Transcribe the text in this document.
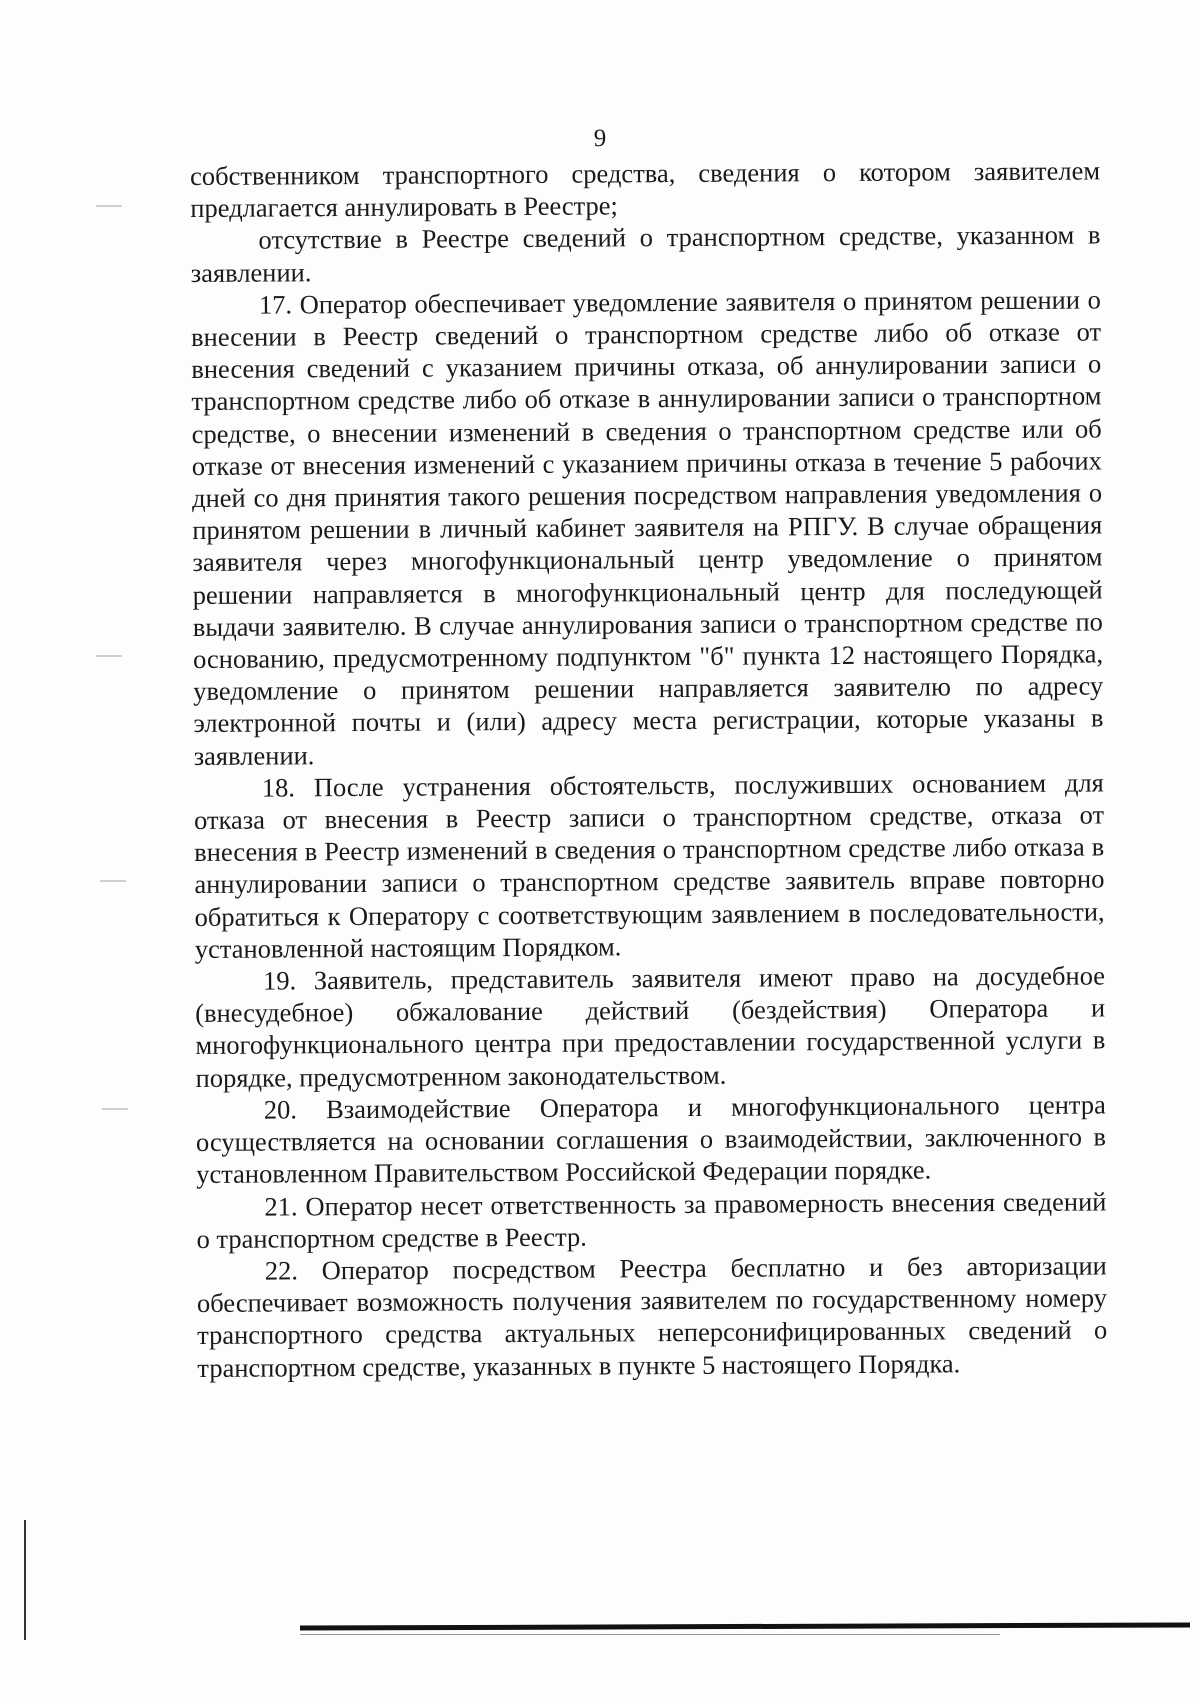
9

собственником транспортного средства, сведения о котором заявителем предлагается аннулировать в Реестре;

отсутствие в Реестре сведений о транспортном средстве, указанном в заявлении.

17. Оператор обеспечивает уведомление заявителя о принятом решении о внесении в Реестр сведений о транспортном средстве либо об отказе от внесения сведений с указанием причины отказа, об аннулировании записи о транспортном средстве либо об отказе в аннулировании записи о транспортном средстве, о внесении изменений в сведения о транспортном средстве или об отказе от внесения изменений с указанием причины отказа в течение 5 рабочих дней со дня принятия такого решения посредством направления уведомления о принятом решении в личный кабинет заявителя на РПГУ. В случае обращения заявителя через многофункциональный центр уведомление о принятом решении направляется в многофункциональный центр для последующей выдачи заявителю. В случае аннулирования записи о транспортном средстве по основанию, предусмотренному подпунктом "б" пункта 12 настоящего Порядка, уведомление о принятом решении направляется заявителю по адресу электронной почты и (или) адресу места регистрации, которые указаны в заявлении.

18. После устранения обстоятельств, послуживших основанием для отказа от внесения в Реестр записи о транспортном средстве, отказа от внесения в Реестр изменений в сведения о транспортном средстве либо отказа в аннулировании записи о транспортном средстве заявитель вправе повторно обратиться к Оператору с соответствующим заявлением в последовательности, установленной настоящим Порядком.

19. Заявитель, представитель заявителя имеют право на досудебное (внесудебное) обжалование действий (бездействия) Оператора и многофункционального центра при предоставлении государственной услуги в порядке, предусмотренном законодательством.

20. Взаимодействие Оператора и многофункционального центра осуществляется на основании соглашения о взаимодействии, заключенного в установленном Правительством Российской Федерации порядке.

21. Оператор несет ответственность за правомерность внесения сведений о транспортном средстве в Реестр.

22. Оператор посредством Реестра бесплатно и без авторизации обеспечивает возможность получения заявителем по государственному номеру транспортного средства актуальных неперсонифицированных сведений о транспортном средстве, указанных в пункте 5 настоящего Порядка.
